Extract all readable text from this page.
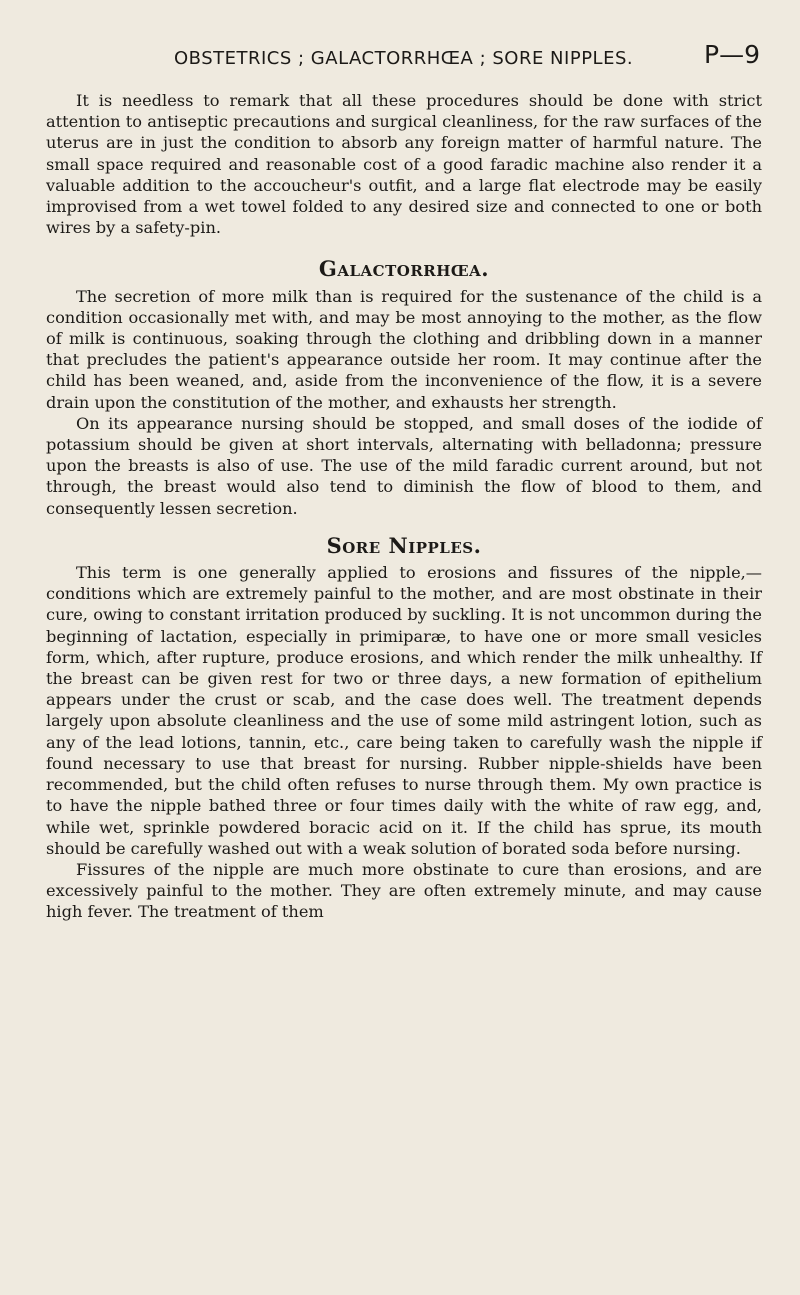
OBSTETRICS ; GALACTORRHŒA ; SORE NIPPLES.	P—9

It is needless to remark that all these procedures should be done with strict attention to antiseptic precautions and surgical cleanliness, for the raw surfaces of the uterus are in just the condition to absorb any foreign matter of harmful nature. The small space required and reasonable cost of a good faradic machine also render it a valuable addition to the accoucheur's outfit, and a large flat electrode may be easily improvised from a wet towel folded to any desired size and connected to one or both wires by a safety-pin.

Galactorrhœa.

The secretion of more milk than is required for the sustenance of the child is a condition occasionally met with, and may be most annoying to the mother, as the flow of milk is continuous, soaking through the clothing and dribbling down in a manner that precludes the patient's appearance outside her room. It may continue after the child has been weaned, and, aside from the inconvenience of the flow, it is a severe drain upon the constitution of the mother, and exhausts her strength.

On its appearance nursing should be stopped, and small doses of the iodide of potassium should be given at short intervals, alternating with belladonna; pressure upon the breasts is also of use. The use of the mild faradic current around, but not through, the breast would also tend to diminish the flow of blood to them, and consequently lessen secretion.

Sore Nipples.

This term is one generally applied to erosions and fissures of the nipple,—conditions which are extremely painful to the mother, and are most obstinate in their cure, owing to constant irritation produced by suckling. It is not uncommon during the beginning of lactation, especially in primiparæ, to have one or more small vesicles form, which, after rupture, produce erosions, and which render the milk unhealthy. If the breast can be given rest for two or three days, a new formation of epithelium appears under the crust or scab, and the case does well. The treatment depends largely upon absolute cleanliness and the use of some mild astringent lotion, such as any of the lead lotions, tannin, etc., care being taken to carefully wash the nipple if found necessary to use that breast for nursing. Rubber nipple-shields have been recommended, but the child often refuses to nurse through them. My own practice is to have the nipple bathed three or four times daily with the white of raw egg, and, while wet, sprinkle powdered boracic acid on it. If the child has sprue, its mouth should be carefully washed out with a weak solution of borated soda before nursing.

Fissures of the nipple are much more obstinate to cure than erosions, and are excessively painful to the mother. They are often extremely minute, and may cause high fever. The treatment of them
